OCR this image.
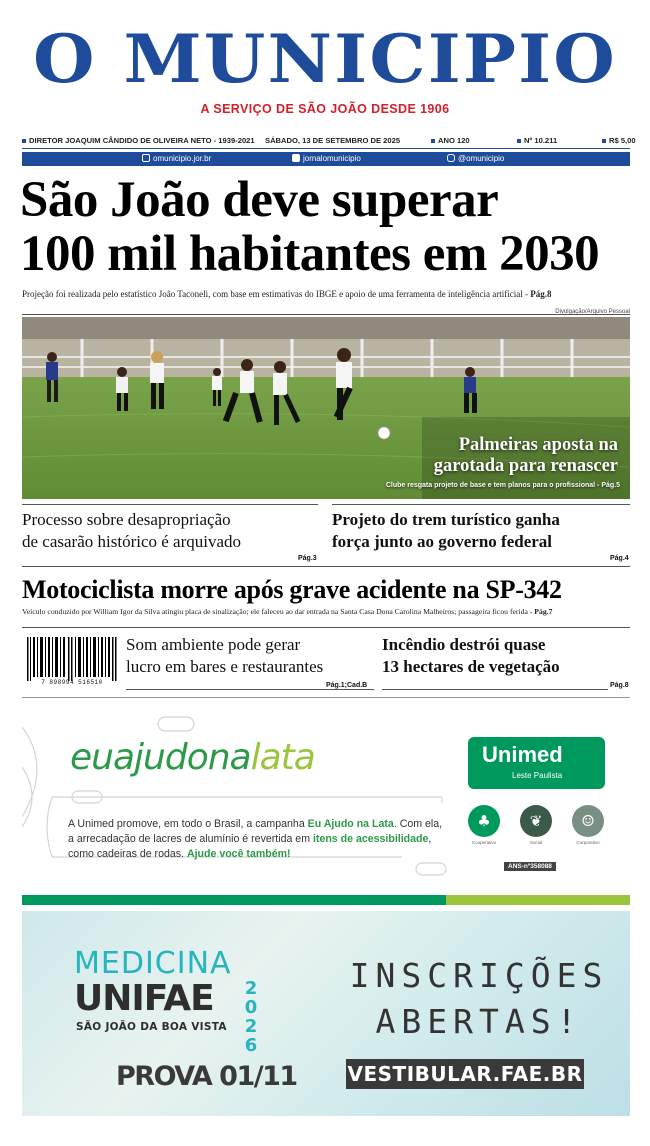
O MUNICIPIO
A SERVIÇO DE SÃO JOÃO DESDE 1906
DIRETOR JOAQUIM CÂNDIDO DE OLIVEIRA NETO - 1939-2021 SÁBADO, 13 DE SETEMBRO DE 2025	ANO 120	Nº 10.211	R$ 5,00
omunicipio.jor.br	jornalomunicipio	@omunicipio
São João deve superar
100 mil habitantes em 2030
Projeção foi realizada pelo estatístico João Taconeli, com base em estimativas do IBGE e apoio de uma ferramenta de inteligência artificial - Pág.8
Divulgação/Arquivo Pessoal
Palmeiras aposta na
garotada para renascer
Clube resgata projeto de base e tem planos para o profissional - Pág.5
Processo sobre desapropriação
de casarão histórico é arquivado
Pág.3
Projeto do trem turístico ganha
força junto ao governo federal
Pág.4
Motociclista morre após grave acidente na SP-342
Veículo conduzido por William Igor da Silva atingiu placa de sinalização; ele faleceu ao dar entrada na Santa Casa Dona Carolina Malheiros; passageira ficou ferida - Pág.7
7 898994 516510
Som ambiente pode gerar
lucro em bares e restaurantes
Pág.1;Cad.B
Incêndio destrói quase
13 hectares de vegetação
Pág.8
euajudonalata
A Unimed promove, em todo o Brasil, a campanha Eu Ajudo na Lata. Com ela, a arrecadação de lacres de alumínio é revertida em itens de acessibilidade, como cadeiras de rodas. Ajude você também!
Unimed
Leste Paulista
♣	❦	☺
Cooperativo	Social	Corporativo
ANS-nº358088
MEDICINA
UNIFAE 2
0
2
6
SÃO JOÃO DA BOA VISTA
PROVA 01/11
INSCRIÇÕES
ABERTAS!
VESTIBULAR.FAE.BR
